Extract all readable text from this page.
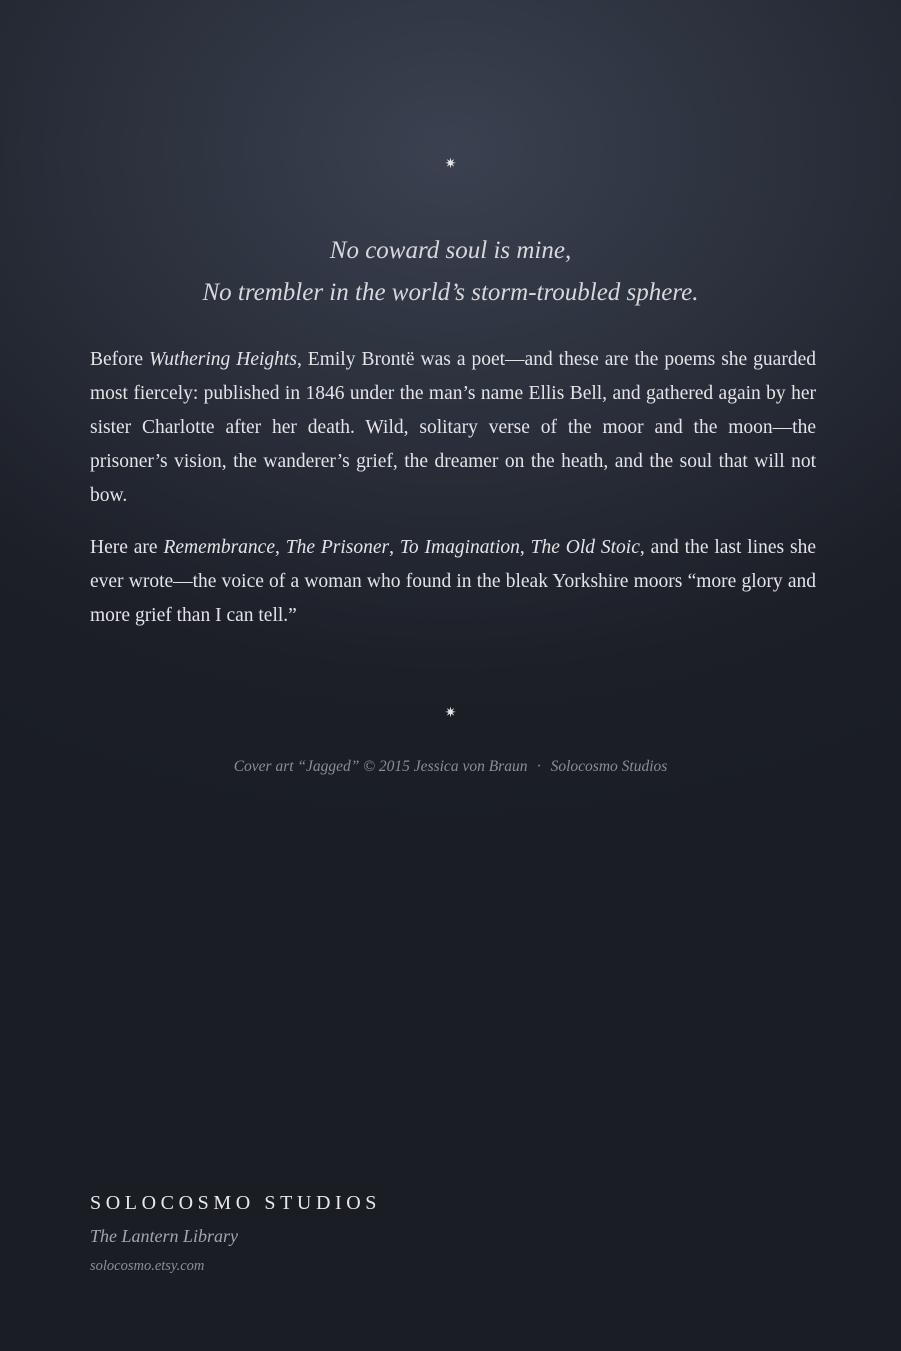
✷
No coward soul is mine,
No trembler in the world’s storm-troubled sphere.

Before Wuthering Heights, Emily Brontë was a poet—and these are the poems she guarded most fiercely: published in 1846 under the man’s name Ellis Bell, and gathered again by her sister Charlotte after her death. Wild, solitary verse of the moor and the moon—the prisoner’s vision, the wanderer’s grief, the dreamer on the heath, and the soul that will not bow.

Here are Remembrance, The Prisoner, To Imagination, The Old Stoic, and the last lines she ever wrote—the voice of a woman who found in the bleak Yorkshire moors “more glory and more grief than I can tell.”

✷
Cover art “Jagged” © 2015 Jessica von Braun · Solocosmo Studios
SOLOCOSMO STUDIOS
The Lantern Library
solocosmo.etsy.com
